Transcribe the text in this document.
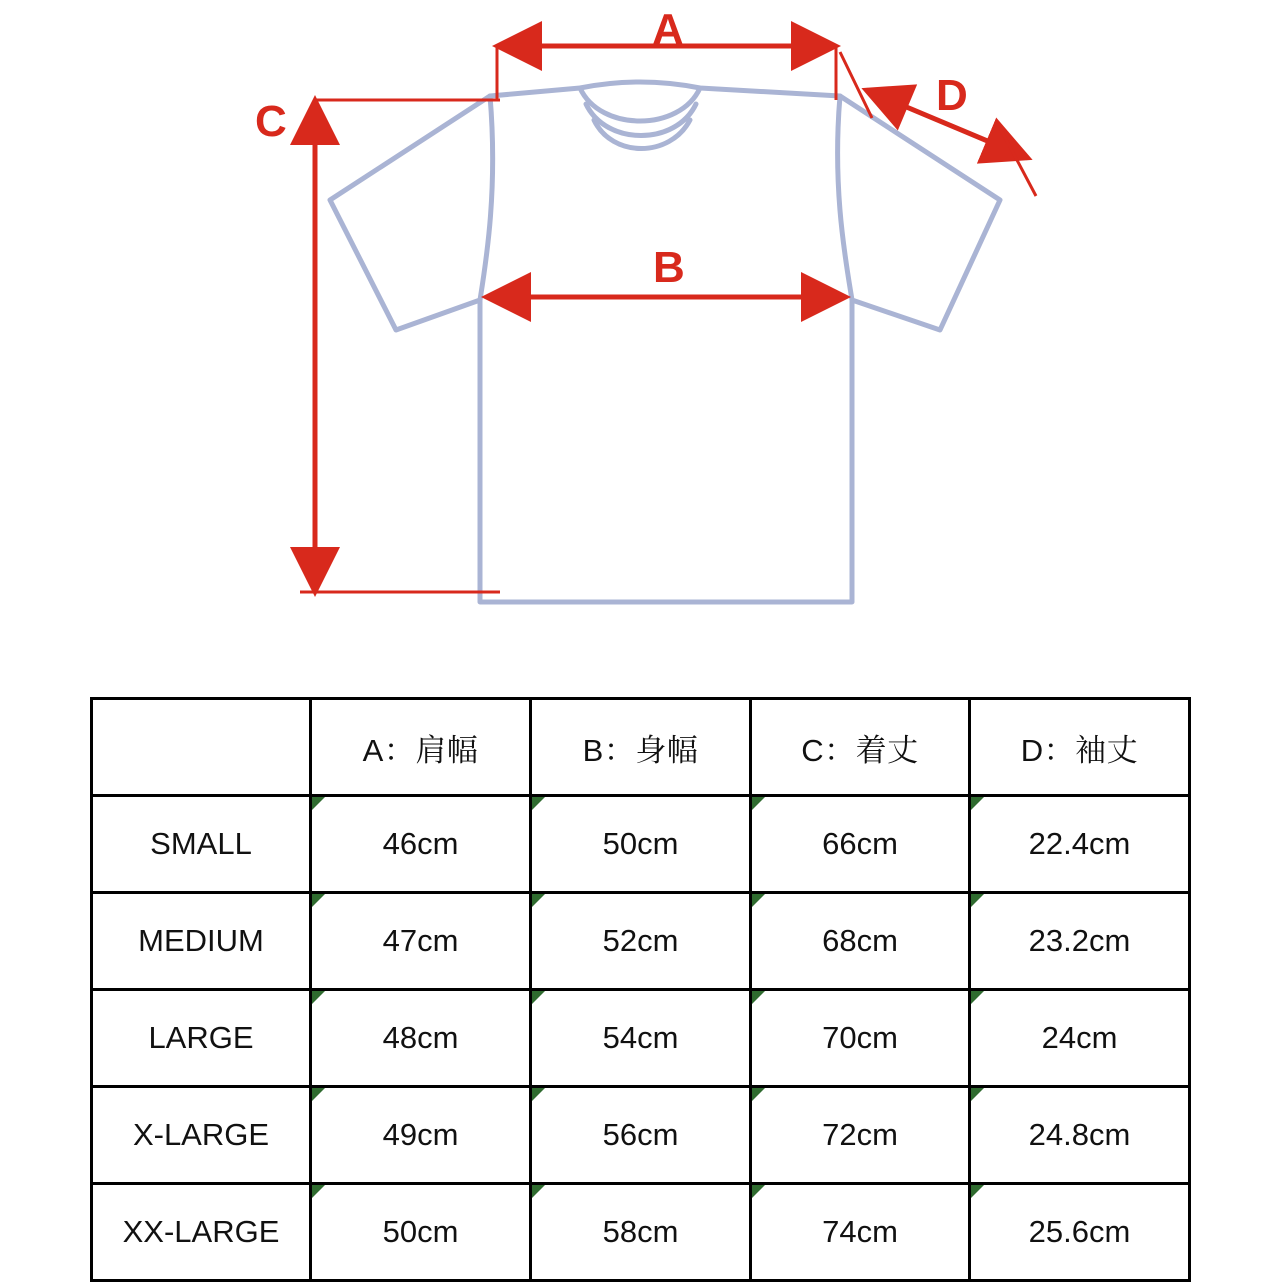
A
B
C
D
	A：肩幅	B：身幅	C：着丈	D：袖丈
SMALL	46cm	50cm	66cm	22.4cm
MEDIUM	47cm	52cm	68cm	23.2cm
LARGE	48cm	54cm	70cm	24cm
X-LARGE	49cm	56cm	72cm	24.8cm
XX-LARGE	50cm	58cm	74cm	25.6cm
